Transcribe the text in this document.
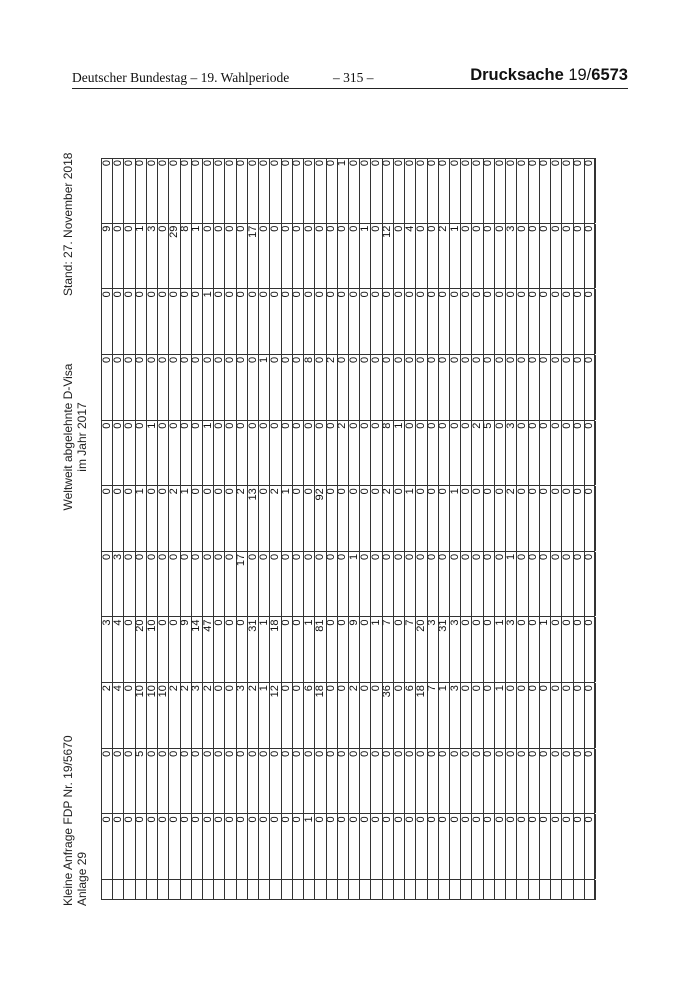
Deutscher Bundestag – 19. Wahlperiode	– 315 –	Drucksache 19/6573
Kleine Anfrage FDP Nr. 19/5670 Anlage 29
Weltweit abgelehnte D-Visa im Jahr 2017
Stand: 27. November 2018
0 0 0 0 0 0 0 0 0 0 0 0 0 0 0 0 0 0 1 0 0 0 0 0 0 0 0 0 0 0 0 0 0 0 0 0 0 0 0 0 0 0 0 0
0 0 0 5 0 0 0 0 0 0 0 0 0 0 0 0 0 0 0 0 0 0 0 0 0 0 0 0 0 0 0 0 0 0 0 0 0 0 0 0 0 0 0 0
2 4 0 10 10 10 2 2 3 2 0 0 3 2 1 12 0 0 6 18 0 0 2 0 0 36 0 6 18 7 1 3 0 0 0 1 0 0 0 0 0 0 0 0
3 4 0 20 10 0 0 9 14 47 0 0 0 31 1 18 0 0 1 81 0 0 9 0 1 7 0 7 20 3 31 3 0 0 0 1 3 0 0 1 0 0 0 0
0 3 0 0 0 0 0 0 0 0 0 0 17 0 0 0 0 0 0 0 0 0 1 0 0 0 0 0 0 0 0 0 0 0 0 0 1 0 0 0 0 0 0 0
0 0 0 1 0 0 2 1 0 0 0 0 2 13 0 2 1 0 0 92 0 0 0 0 0 2 0 1 0 0 0 1 0 0 0 0 2 0 0 0 0 0 0 0
0 0 0 0 1 0 0 0 0 1 0 0 0 0 0 0 0 0 0 0 0 2 0 0 0 8 1 0 0 0 0 0 0 2 5 0 3 0 0 0 0 0 0 0
0 0 0 0 0 0 0 0 0 0 0 0 0 0 1 0 0 0 8 0 2 0 0 0 0 0 0 0 0 0 0 0 0 0 0 0 0 0 0 0 0 0 0 0
0 0 0 0 0 0 0 0 0 1 0 0 0 0 0 0 0 0 0 0 0 0 0 0 0 0 0 0 0 0 0 0 0 0 0 0 0 0 0 0 0 0 0 0
9 0 0 1 3 0 29 8 1 0 0 0 0 17 0 0 0 0 0 0 0 0 0 1 0 12 0 4 0 0 2 1 0 0 0 0 3 0 0 0 0 0 0 0
0 0 0 0 0 0 0 0 0 0 0 0 0 0 0 0 0 0 0 0 0 1 0 0 0 0 0 0 0 0 0 0 0 0 0 0 0 0 0 0 0 0 0 0
